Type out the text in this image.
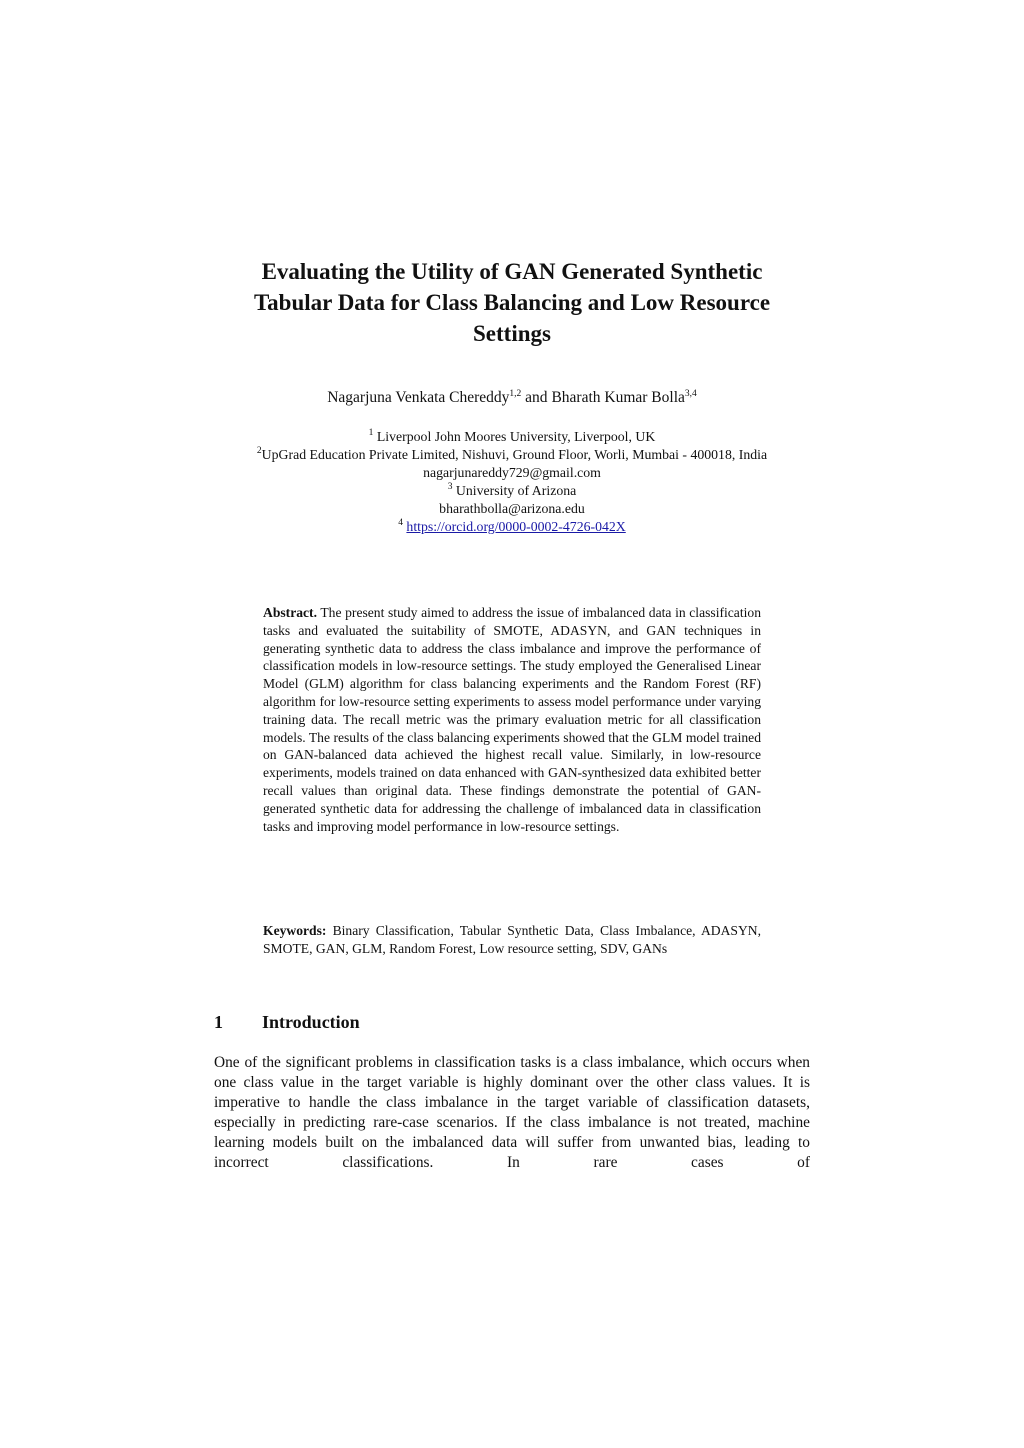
Evaluating the Utility of GAN Generated Synthetic
Tabular Data for Class Balancing and Low Resource
Settings
Nagarjuna Venkata Chereddy$^{1,2}$ and Bharath Kumar Bolla$^{3,4}$
$^1$ Liverpool John Moores University, Liverpool, UK
$^2$UpGrad Education Private Limited, Nishuvi, Ground Floor, Worli, Mumbai - 400018, India
nagarjunareddy729@gmail.com
$^3$ University of Arizona
bharathbolla@arizona.edu
$^4$ https://orcid.org/0000-0002-4726-042X
Abstract. The present study aimed to address the issue of imbalanced data in classification tasks and evaluated the suitability of SMOTE, ADASYN, and GAN techniques in generating synthetic data to address the class imbalance and improve the performance of classification models in low-resource settings. The study employed the Generalised Linear Model (GLM) algorithm for class balancing experiments and the Random Forest (RF) algorithm for low-resource setting experiments to assess model performance under varying training data. The recall metric was the primary evaluation metric for all classification models. The results of the class balancing experiments showed that the GLM model trained on GAN-balanced data achieved the highest recall value. Similarly, in low-resource experiments, models trained on data enhanced with GAN-synthesized data exhibited better recall values than original data. These findings demonstrate the potential of GAN-generated synthetic data for addressing the challenge of imbalanced data in classification tasks and improving model performance in low-resource settings.
Keywords: Binary Classification, Tabular Synthetic Data, Class Imbalance, ADASYN, SMOTE, GAN, GLM, Random Forest, Low resource setting, SDV, GANs
1 Introduction
One of the significant problems in classification tasks is a class imbalance, which occurs when one class value in the target variable is highly dominant over the other class values. It is imperative to handle the class imbalance in the target variable of classification datasets, especially in predicting rare-case scenarios. If the class imbalance is not treated, machine learning models built on the imbalanced data will suffer from unwanted bias, leading to incorrect classifications. In rare cases of
